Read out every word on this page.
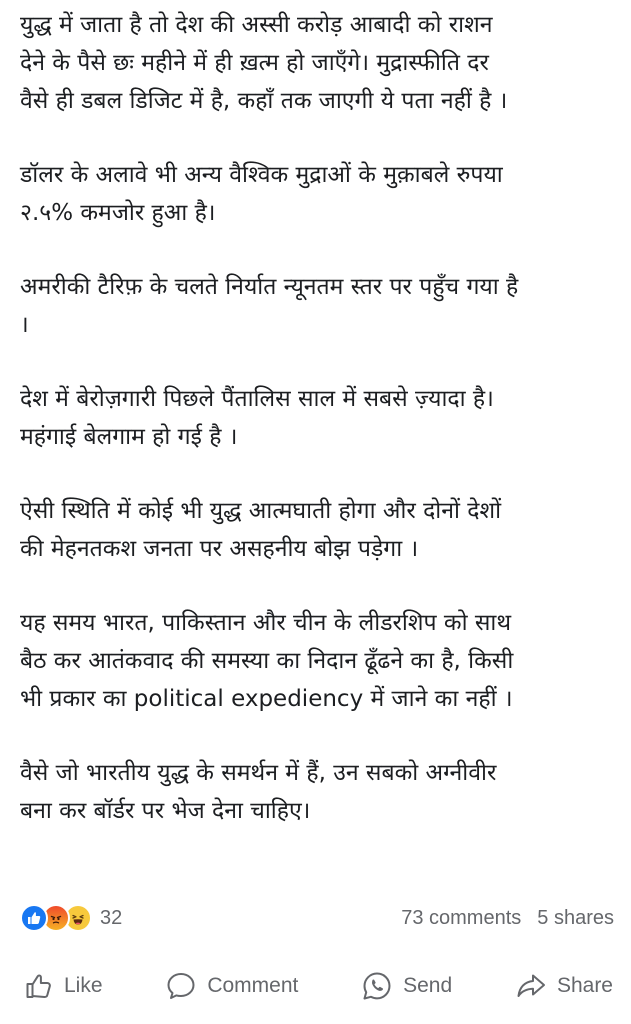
युद्ध में जाता है तो देश की अस्सी करोड़ आबादी को राशन
देने के पैसे छः महीने में ही ख़त्म हो जाएँगे। मुद्रास्फीति दर
वैसे ही डबल डिजिट में है, कहाँ तक जाएगी ये पता नहीं है ।
डॉलर के अलावे भी अन्य वैश्विक मुद्राओं के मुक़ाबले रुपया
२.५% कमजोर हुआ है।
अमरीकी टैरिफ़ के चलते निर्यात न्यूनतम स्तर पर पहुँच गया है
।
देश में बेरोज़गारी पिछले पैंतालिस साल में सबसे ज़्यादा है।
महंगाई बेलगाम हो गई है ।
ऐसी स्थिति में कोई भी युद्ध आत्मघाती होगा और दोनों देशों
की मेहनतकश जनता पर असहनीय बोझ पड़ेगा ।
यह समय भारत, पाकिस्तान और चीन के लीडरशिप को साथ
बैठ कर आतंकवाद की समस्या का निदान ढूँढने का है, किसी
भी प्रकार का political expediency में जाने का नहीं ।
वैसे जो भारतीय युद्ध के समर्थन में हैं, उन सबको अग्नीवीर
बना कर बॉर्डर पर भेज देना चाहिए।
32	73 comments 5 shares
Like	Comment	Send	Share
